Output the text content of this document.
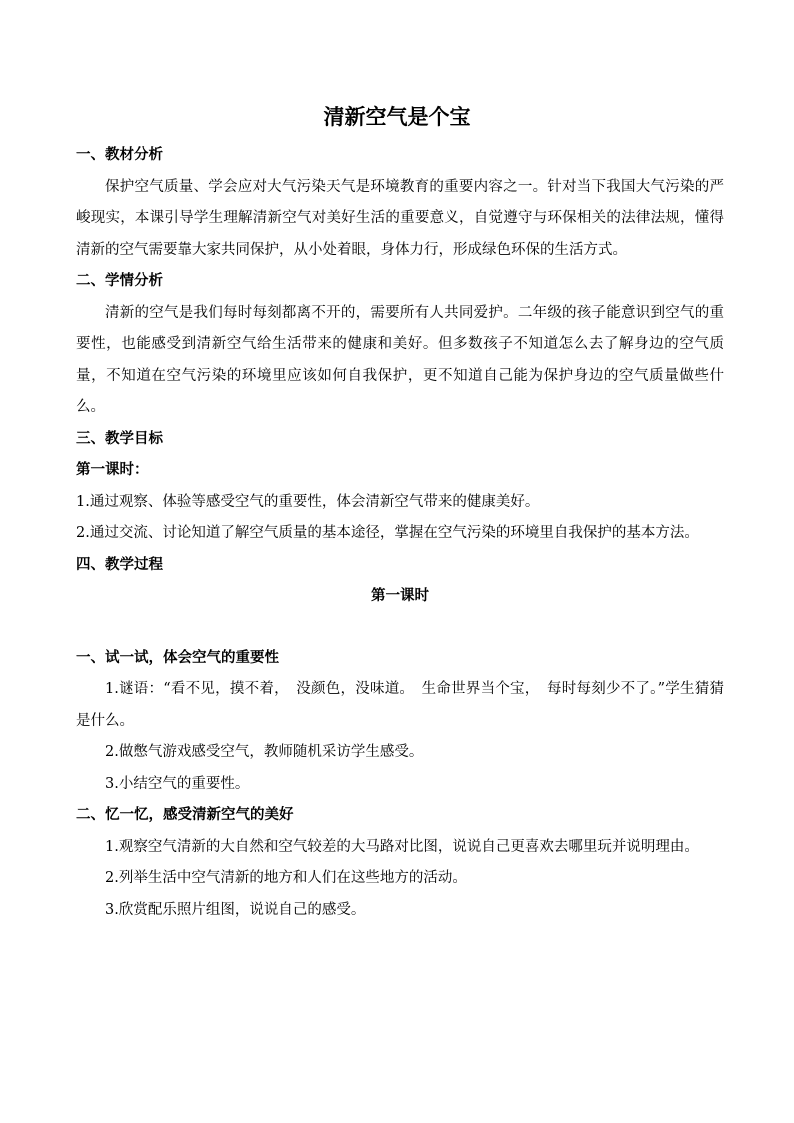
清新空气是个宝

一、教材分析

保护空气质量、学会应对大气污染天气是环境教育的重要内容之一。针对当下我国大气污染的严峻现实，本课引导学生理解清新空气对美好生活的重要意义，自觉遵守与环保相关的法律法规，懂得清新的空气需要靠大家共同保护，从小处着眼，身体力行，形成绿色环保的生活方式。

二、学情分析

清新的空气是我们每时每刻都离不开的，需要所有人共同爱护。二年级的孩子能意识到空气的重要性，也能感受到清新空气给生活带来的健康和美好。但多数孩子不知道怎么去了解身边的空气质量，不知道在空气污染的环境里应该如何自我保护，更不知道自己能为保护身边的空气质量做些什么。

三、教学目标

第一课时：

1.通过观察、体验等感受空气的重要性，体会清新空气带来的健康美好。

2.通过交流、讨论知道了解空气质量的基本途径，掌握在空气污染的环境里自我保护的基本方法。

四、教学过程

第一课时

一、试一试，体会空气的重要性

1.谜语：“看不见，摸不着，　没颜色，没味道。　生命世界当个宝，　每时每刻少不了。”学生猜猜是什么。

2.做憋气游戏感受空气，教师随机采访学生感受。

3.小结空气的重要性。

二、忆一忆，感受清新空气的美好

1.观察空气清新的大自然和空气较差的大马路对比图，说说自己更喜欢去哪里玩并说明理由。

2.列举生活中空气清新的地方和人们在这些地方的活动。

3.欣赏配乐照片组图，说说自己的感受。
